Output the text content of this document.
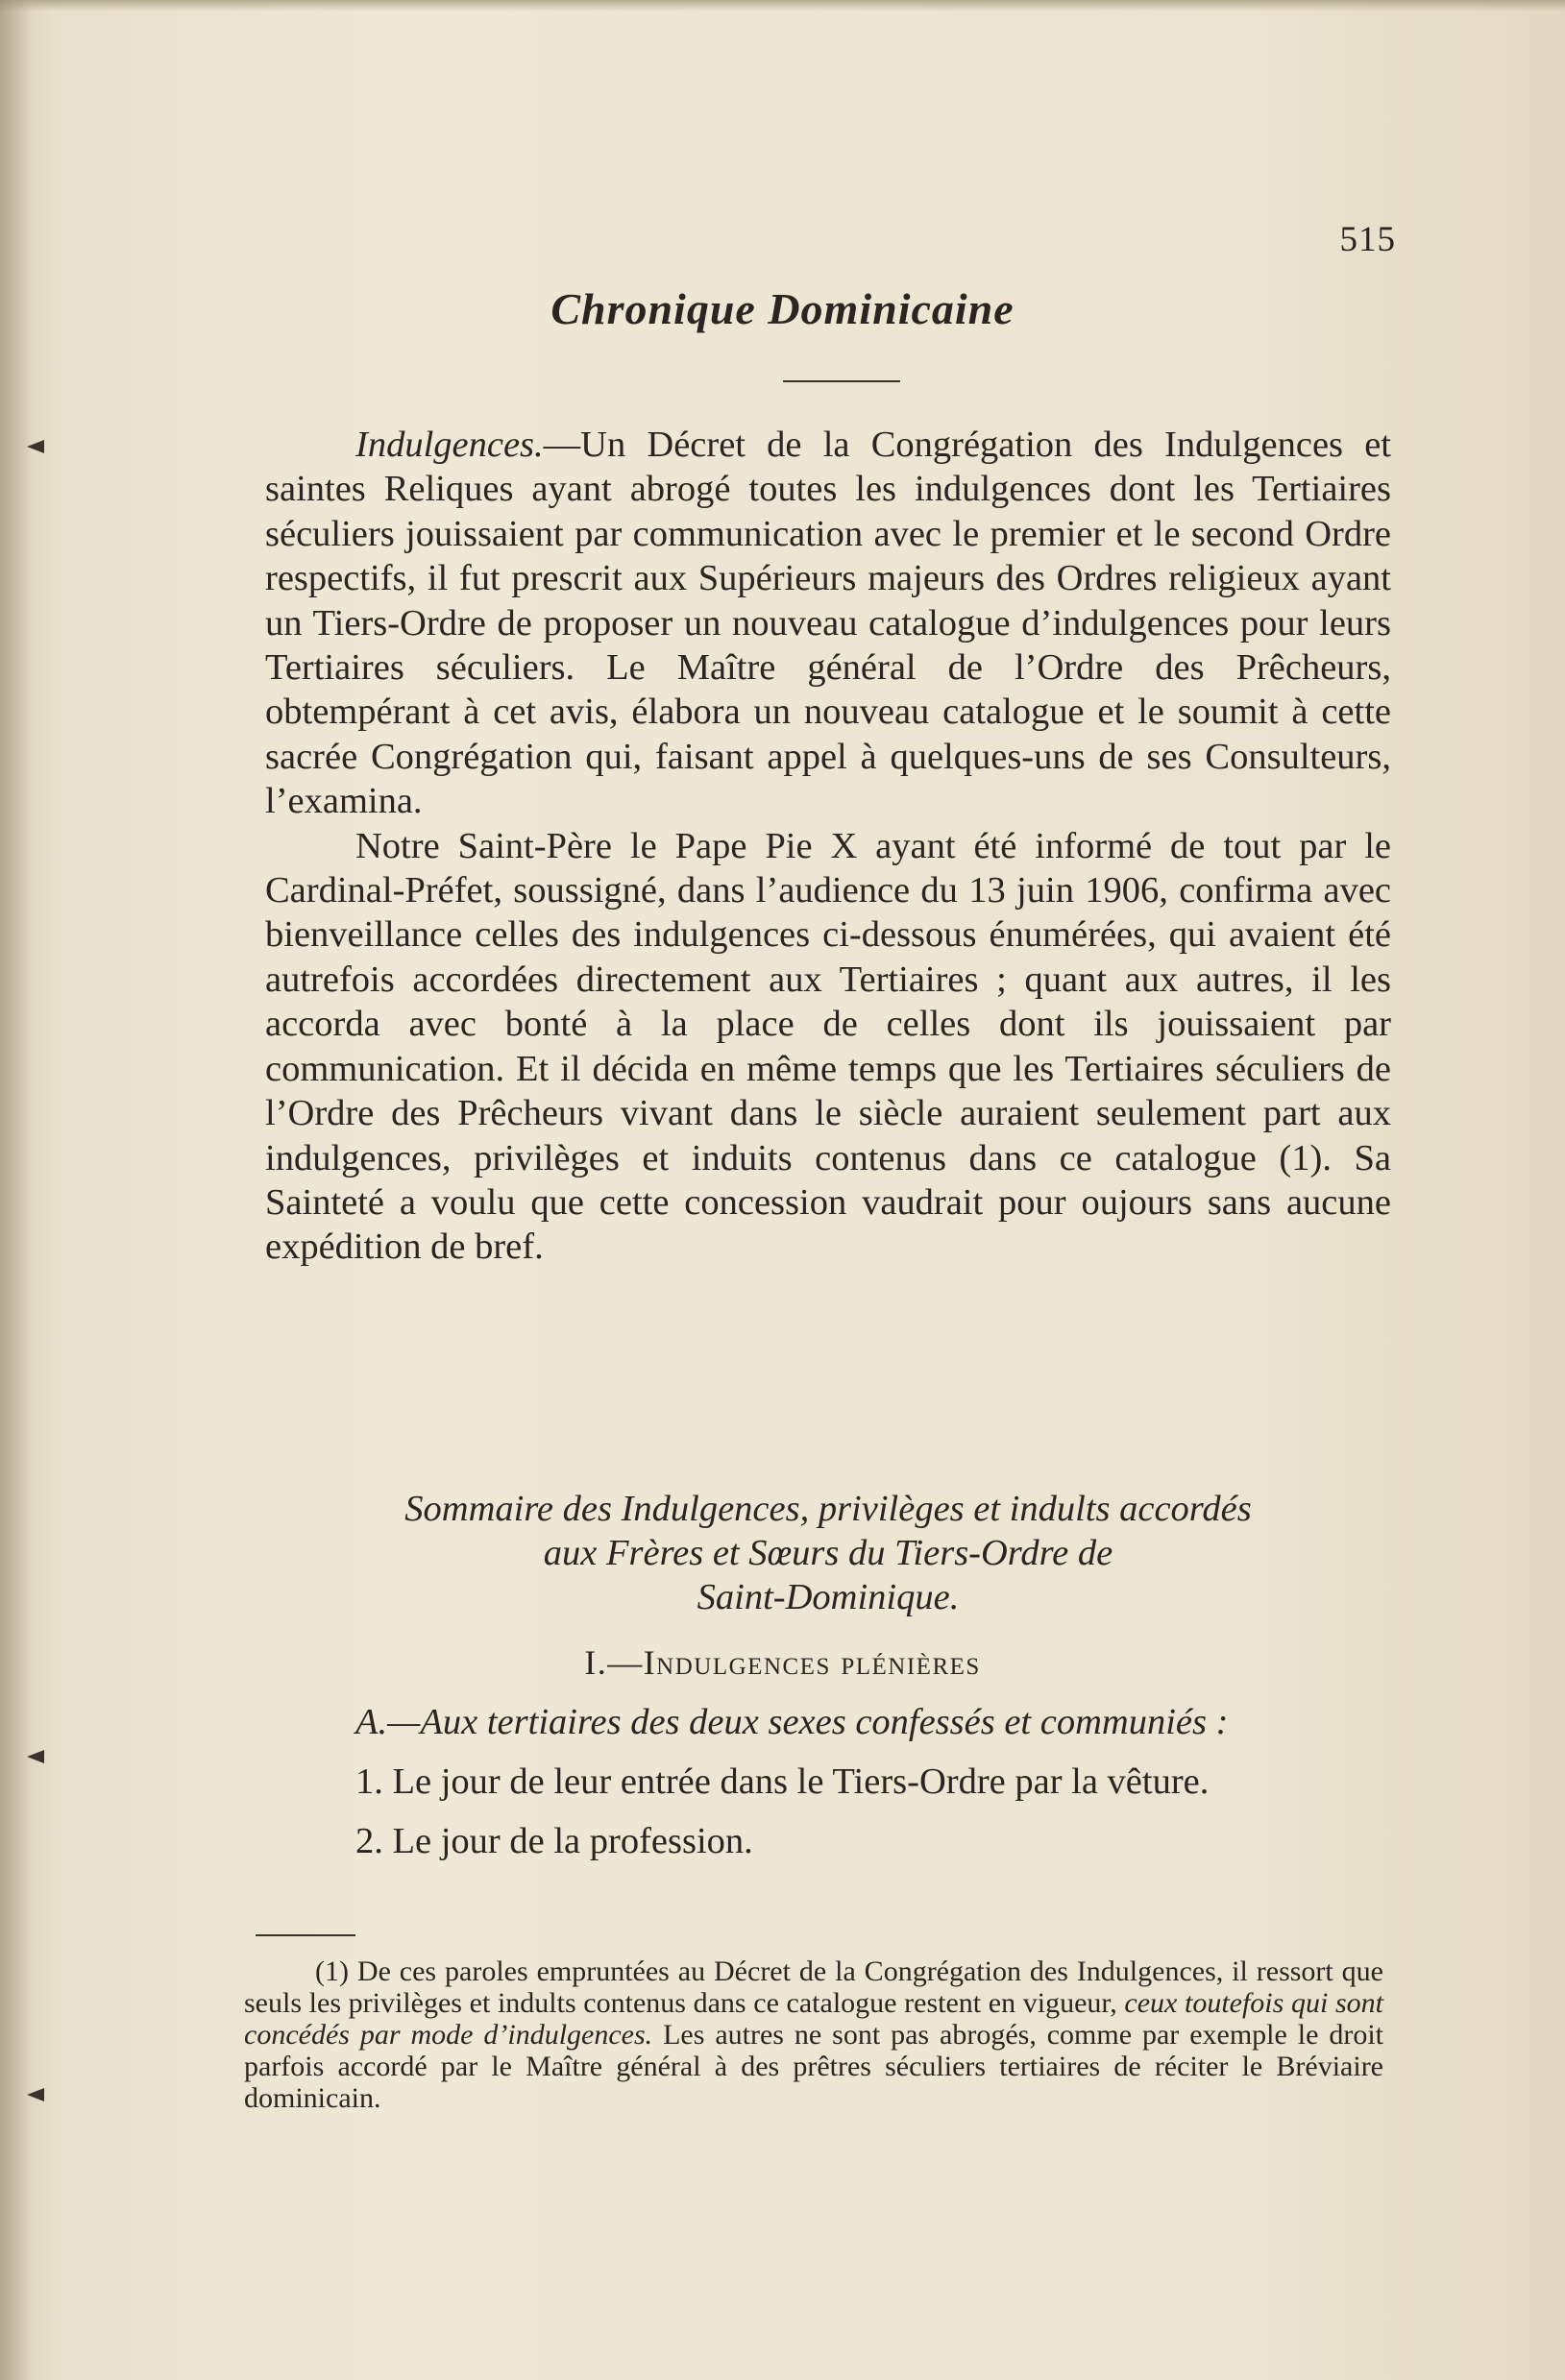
515
Chronique Dominicaine

Indulgences.—Un Décret de la Congrégation des Indulgences et saintes Reliques ayant abrogé toutes les indulgences dont les Tertiaires séculiers jouissaient par communication avec le premier et le second Ordre respectifs, il fut prescrit aux Supérieurs majeurs des Ordres religieux ayant un Tiers-Ordre de proposer un nouveau catalogue d’indulgences pour leurs Tertiaires séculiers. Le Maître général de l’Ordre des Prêcheurs, obtempérant à cet avis, élabora un nouveau catalogue et le soumit à cette sacrée Congrégation qui, faisant appel à quelques-uns de ses Consulteurs, l’examina.

Notre Saint-Père le Pape Pie X ayant été informé de tout par le Cardinal-Préfet, soussigné, dans l’audience du 13 juin 1906, confirma avec bienveillance celles des indulgences ci-dessous énumérées, qui avaient été autrefois accordées directement aux Tertiaires ; quant aux autres, il les accorda avec bonté à la place de celles dont ils jouissaient par communication. Et il décida en même temps que les Tertiaires séculiers de l’Ordre des Prêcheurs vivant dans le siècle auraient seulement part aux indulgences, privilèges et induits contenus dans ce catalogue (1). Sa Sainteté a voulu que cette concession vaudrait pour oujours sans aucune expédition de bref.

Sommaire des Indulgences, privilèges et indults accordés
aux Frères et Sœurs du Tiers-Ordre de
Saint-Dominique.
I.—Indulgences plénières

A.—Aux tertiaires des deux sexes confessés et communiés :

1. Le jour de leur entrée dans le Tiers-Ordre par la vêture.

2. Le jour de la profession.

(1) De ces paroles empruntées au Décret de la Congrégation des Indulgences, il ressort que seuls les privilèges et indults contenus dans ce catalogue restent en vigueur, ceux toutefois qui sont concédés par mode d’indulgences. Les autres ne sont pas abrogés, comme par exemple le droit parfois accordé par le Maître général à des prêtres séculiers tertiaires de réciter le Bréviaire dominicain.
